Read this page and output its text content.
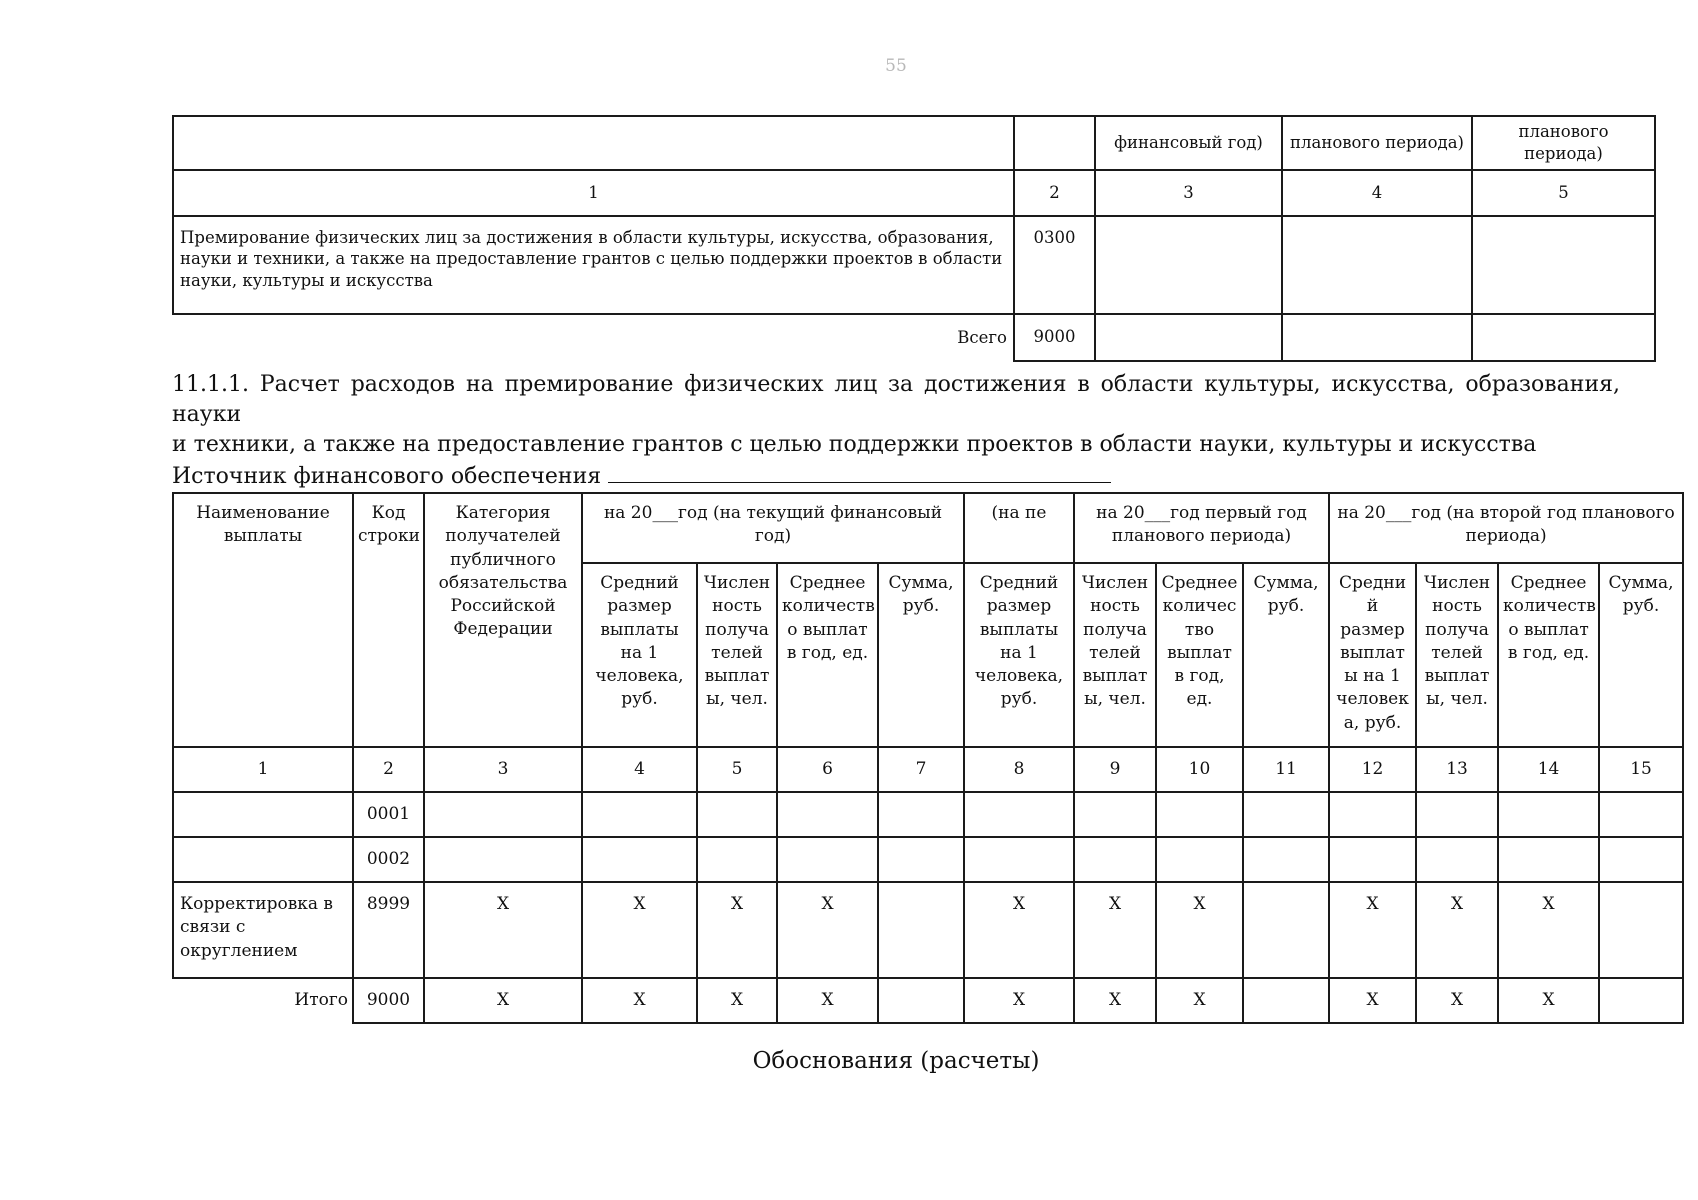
55
		финансовый год)	планового периода)	планового периода)
1	2	3	4	5
Премирование физических лиц за достижения в области культуры, искусства, образования, науки и техники, а также на предоставление грантов с целью поддержки проектов в области науки, культуры и искусства	0300			
Всего	9000			
11.1.1. Расчет расходов на премирование физических лиц за достижения в области культуры, искусства, образования, науки
и техники, а также на предоставление грантов с целью поддержки проектов в области науки, культуры и искусства
Источник финансового обеспечения
Наименование выплаты	Код строки	Категория получателей публичного обязательства Российской Федерации	на 20___год (на текущий финансовый год)				(на пе	на 20___год первый год планового периода)			на 20___год (на второй год планового периода)			
			Средний размер выплаты на 1 человека, руб.	Числен ность получа телей выплат ы, чел.	Среднее количеств о выплат в год, ед.	Сумма, руб.	Средний размер выплаты на 1 человека, руб.	Числен ность получа телей выплат ы, чел.	Среднее количес тво выплат в год, ед.	Сумма, руб.	Средни й размер выплат ы на 1 человек а, руб.	Числен ность получа телей выплат ы, чел.	Среднее количеств о выплат в год, ед.	Сумма, руб.
1	2	3	4	5	6	7	8	9	10	11	12	13	14	15
	0001													
	0002													
Корректировка в связи с округлением	8999	X	X	X	X		X	X	X		X	X	X	
Итого	9000	X	X	X	X		X	X	X		X	X	X	
Обоснования (расчеты)
